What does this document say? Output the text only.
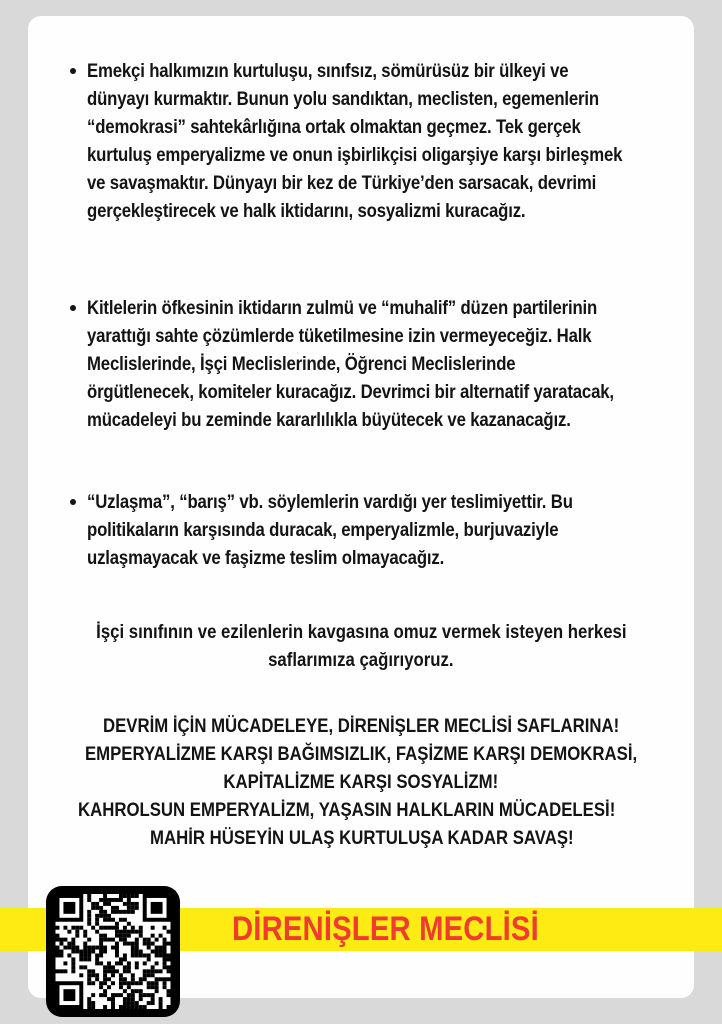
Emekçi halkımızın kurtuluşu, sınıfsız, sömürüsüz bir ülkeyi ve
dünyayı kurmaktır. Bunun yolu sandıktan, meclisten, egemenlerin
“demokrasi” sahtekârlığına ortak olmaktan geçmez. Tek gerçek
kurtuluş emperyalizme ve onun işbirlikçisi oligarşiye karşı birleşmek
ve savaşmaktır. Dünyayı bir kez de Türkiye’den sarsacak, devrimi
gerçekleştirecek ve halk iktidarını, sosyalizmi kuracağız.
Kitlelerin öfkesinin iktidarın zulmü ve “muhalif” düzen partilerinin
yarattığı sahte çözümlerde tüketilmesine izin vermeyeceğiz. Halk
Meclislerinde, İşçi Meclislerinde, Öğrenci Meclislerinde
örgütlenecek, komiteler kuracağız. Devrimci bir alternatif yaratacak,
mücadeleyi bu zeminde kararlılıkla büyütecek ve kazanacağız.
“Uzlaşma”, “barış” vb. söylemlerin vardığı yer teslimiyettir. Bu
politikaların karşısında duracak, emperyalizmle, burjuvaziyle
uzlaşmayacak ve faşizme teslim olmayacağız.
İşçi sınıfının ve ezilenlerin kavgasına omuz vermek isteyen herkesi
saflarımıza çağırıyoruz.
DEVRİM İÇİN MÜCADELEYE, DİRENİŞLER MECLİSİ SAFLARINA!
EMPERYALİZME KARŞI BAĞIMSIZLIK, FAŞİZME KARŞI DEMOKRASİ,
KAPİTALİZME KARŞI SOSYALİZM!
KAHROLSUN EMPERYALİZM, YAŞASIN HALKLARIN MÜCADELESİ!
MAHİR HÜSEYİN ULAŞ KURTULUŞA KADAR SAVAŞ!
DİRENİŞLER MECLİSİ
